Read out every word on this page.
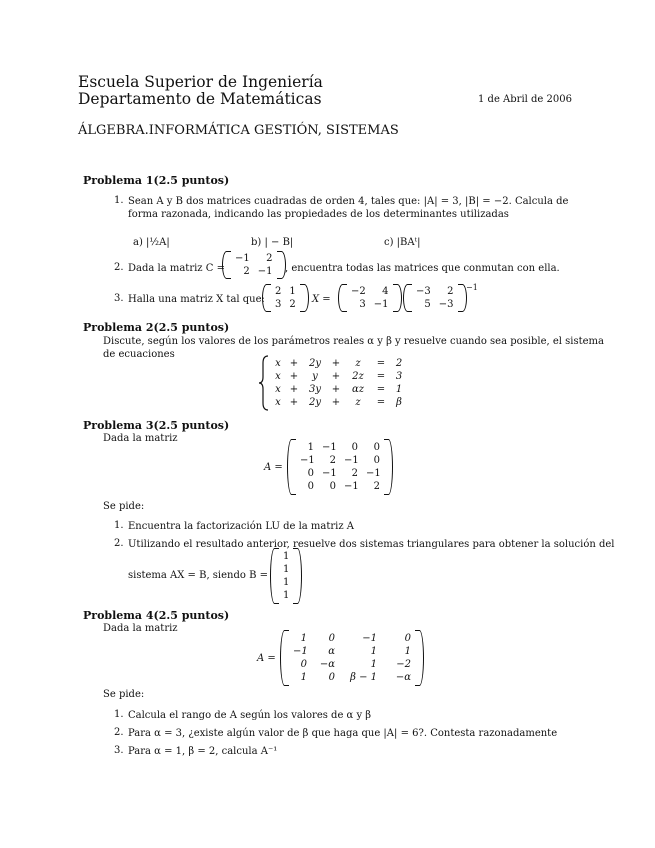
Escuela Superior de Ingeniería
Departamento de Matemáticas	1 de Abril de 2006
ÁLGEBRA.INFORMÁTICA GESTIÓN, SISTEMAS
Problema 1(2.5 puntos)
1. Sean A y B dos matrices cuadradas de orden 4, tales que: |A| = 3, |B| = −2. Calcula de
forma razonada, indicando las propiedades de los determinantes utilizadas
a) |½A|	b) | − B|	c) |BAᵗ|
2. Dada la matriz C =
−1	2
2 −1	, encuentra todas las matrices que conmutan con ella.
3. Halla una matriz X tal que:
2 1
3 2	X =
−2	4
3 −1
−3	2
5 −3
−1
Problema 2(2.5 puntos)
Discute, según los valores de los parámetros reales α y β y resuelve cuando sea posible, el sistema
de ecuaciones
x +	2y	+	z	=	2
x +	y	+	2z	=	3
x +	3y	+	αz	=	1
x +	2y	+	z	=	β
Problema 3(2.5 puntos)
Dada la matriz
A =
1 −1	0	0
−1	2 −1	0
0 −1	2 −1
0	0 −1	2
Se pide:
1. Encuentra la factorización LU de la matriz A
2. Utilizando el resultado anterior, resuelve dos sistemas triangulares para obtener la solución del
sistema AX = B, siendo B =
1
1
1
1
Problema 4(2.5 puntos)
Dada la matriz
A =
1	0	−1	0
−1	α	1	1
0	−α	1	−2
1	0	β − 1	−α
Se pide:
1. Calcula el rango de A según los valores de α y β
2. Para α = 3, ¿existe algún valor de β que haga que |A| = 6?. Contesta razonadamente
3. Para α = 1, β = 2, calcula A⁻¹
